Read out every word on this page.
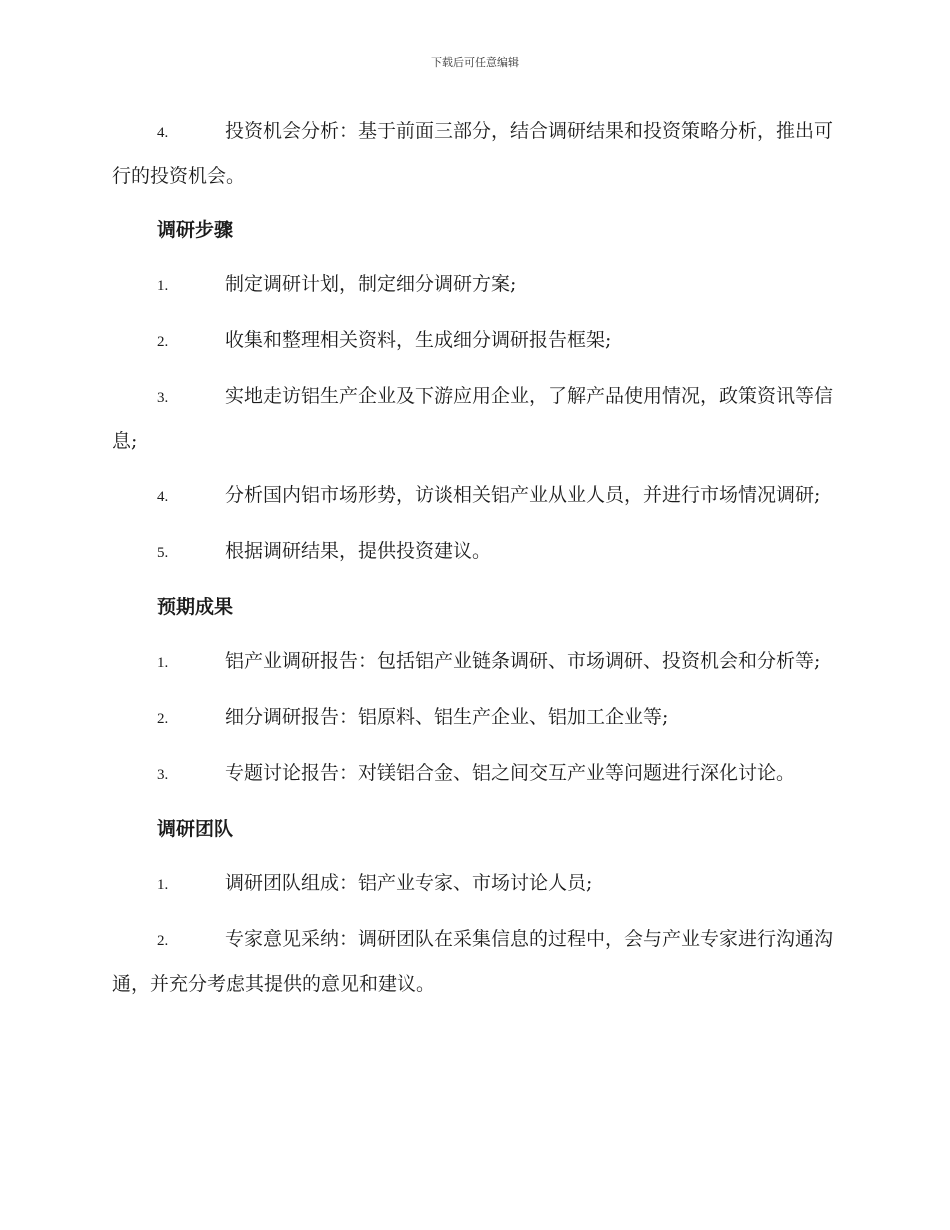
下载后可任意编辑
4.	投资机会分析：基于前面三部分，结合调研结果和投资策略分析，推出可行的投资机会。
调研步骤
1.	制定调研计划，制定细分调研方案;
2.	收集和整理相关资料，生成细分调研报告框架;
3.	实地走访铝生产企业及下游应用企业，了解产品使用情况，政策资讯等信息;
4.	分析国内铝市场形势，访谈相关铝产业从业人员，并进行市场情况调研;
5.	根据调研结果，提供投资建议。
预期成果
1.	铝产业调研报告：包括铝产业链条调研、市场调研、投资机会和分析等;
2.	细分调研报告：铝原料、铝生产企业、铝加工企业等;
3.	专题讨论报告：对镁铝合金、铝之间交互产业等问题进行深化讨论。
调研团队
1.	调研团队组成：铝产业专家、市场讨论人员;
2.	专家意见采纳：调研团队在采集信息的过程中，会与产业专家进行沟通沟通，并充分考虑其提供的意见和建议。
